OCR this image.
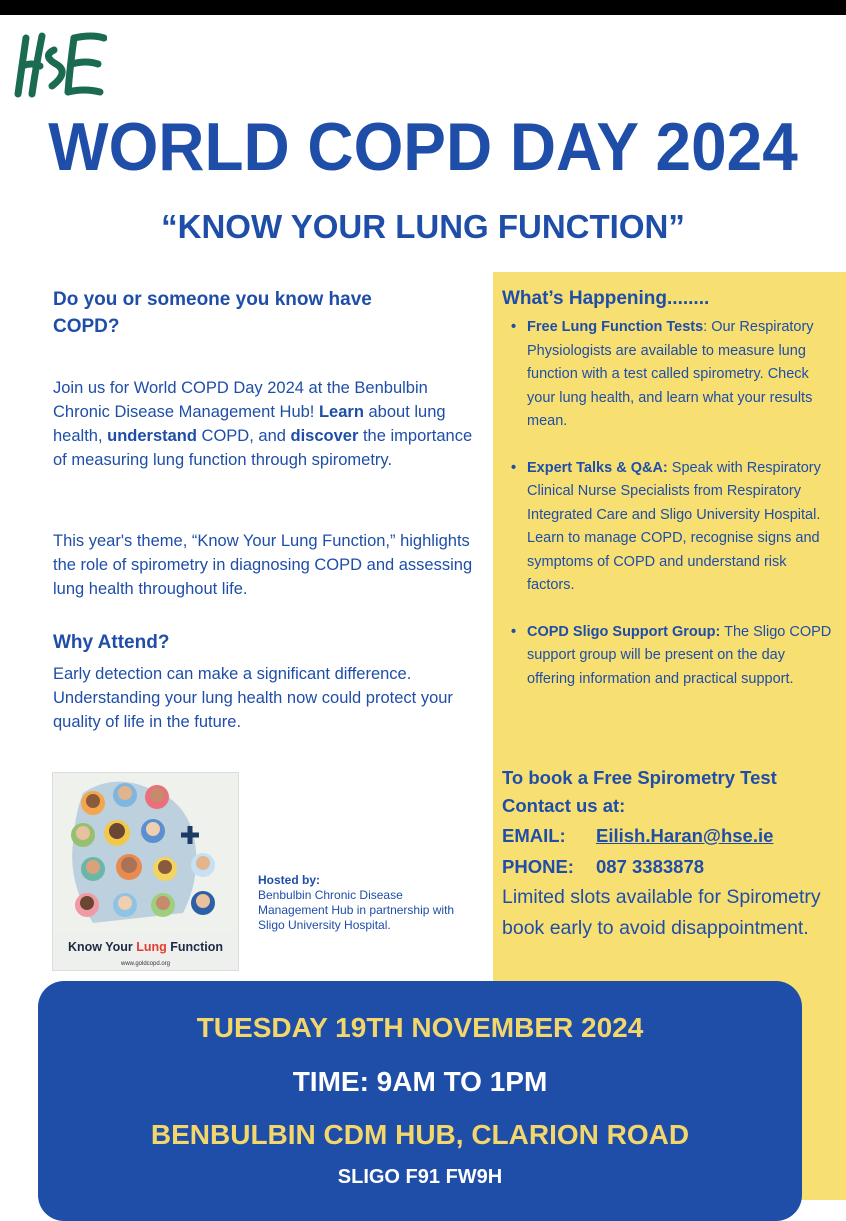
WORLD COPD DAY 2024
“KNOW YOUR LUNG FUNCTION”

Do you or someone you know have COPD?

Join us for World COPD Day 2024 at the Benbulbin Chronic Disease Management Hub! Learn about lung health, understand COPD, and discover the importance of measuring lung function through spirometry.

This year's theme, “Know Your Lung Function,” highlights the role of spirometry in diagnosing COPD and assessing lung health throughout life.

Why Attend?

Early detection can make a significant difference. Understanding your lung health now could protect your quality of life in the future.

Know Your Lung Function
www.goldcopd.org
Hosted by:
Benbulbin Chronic Disease Management Hub in partnership with Sligo University Hospital.
What’s Happening........
• Free Lung Function Tests: Our Respiratory Physiologists are available to measure lung function with a test called spirometry. Check your lung health, and learn what your results mean.
• Expert Talks & Q&A: Speak with Respiratory Clinical Nurse Specialists from Respiratory Integrated Care and Sligo University Hospital. Learn to manage COPD, recognise signs and symptoms of COPD and understand risk factors.
• COPD Sligo Support Group: The Sligo COPD support group will be present on the day offering information and practical support.

To book a Free Spirometry Test

Contact us at:

EMAIL: Eilish.Haran@hse.ie

PHONE: 087 3383878

Limited slots available for Spirometry book early to avoid disappointment.

TUESDAY 19TH NOVEMBER 2024
TIME: 9AM TO 1PM
BENBULBIN CDM HUB, CLARION ROAD
SLIGO F91 FW9H
